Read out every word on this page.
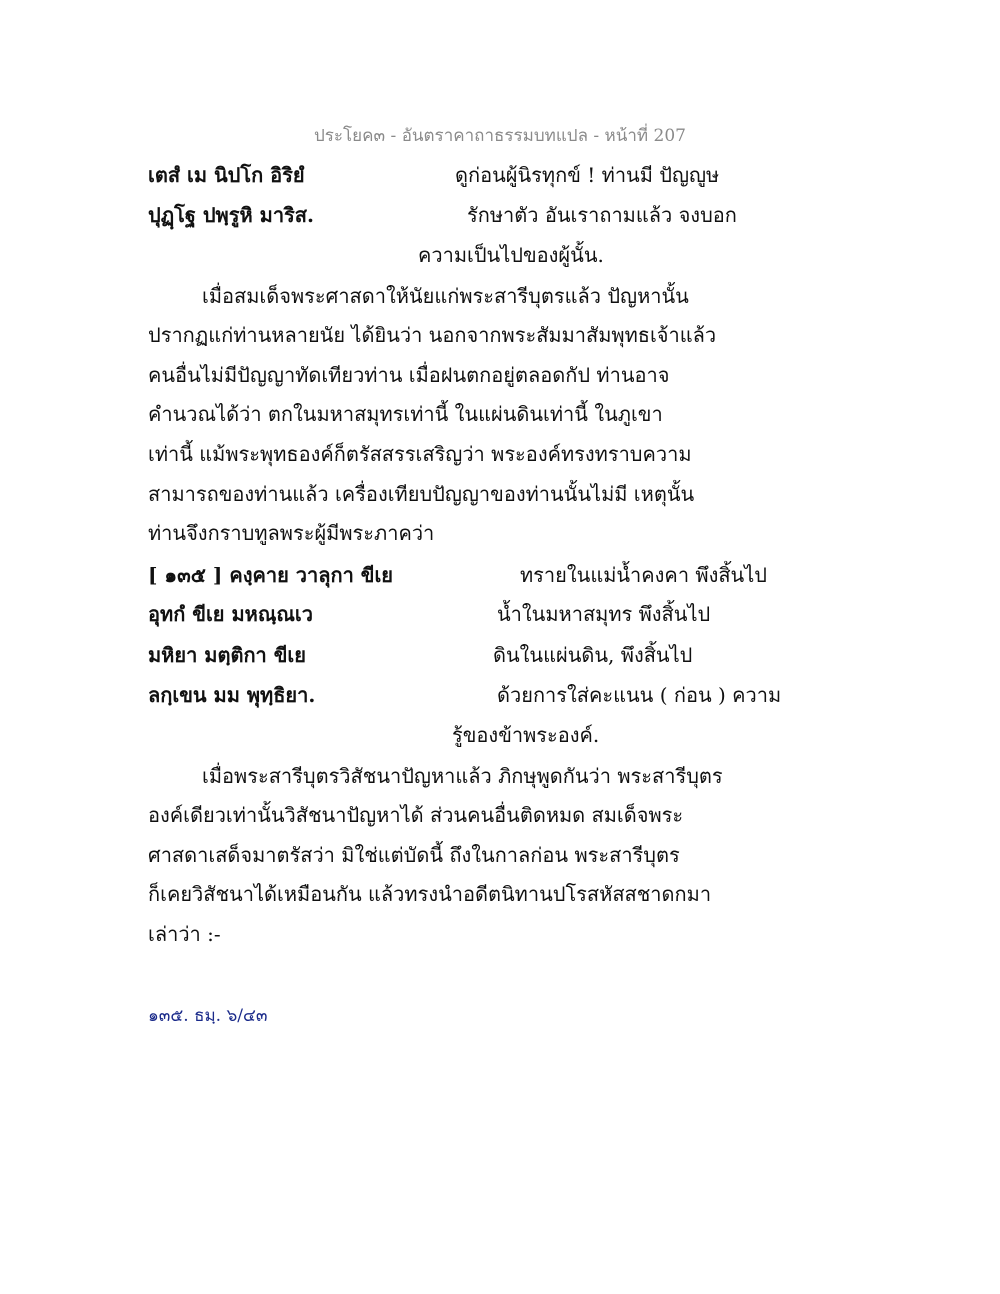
ประโยค๓ - อันตราคาถาธรรมบทแปล - หน้าที่ 207
เตสํ เม นิปโก อิริยํ	ดูก่อนผู้นิรทุกข์ ! ท่านมี ปัญญูษ
ปุฏฺโฐ ปพฺรูหิ มาริส.	รักษาตัว อันเราถามแล้ว จงบอก
ความเป็นไปของผู้นั้น.
เมื่อสมเด็จพระศาสดาให้นัยแก่พระสารีบุตรแล้ว ปัญหานั้น
ปรากฏแก่ท่านหลายนัย ได้ยินว่า นอกจากพระสัมมาสัมพุทธเจ้าแล้ว
คนอื่นไม่มีปัญญาทัดเทียวท่าน เมื่อฝนตกอยู่ตลอดกัป ท่านอาจ
คำนวณได้ว่า ตกในมหาสมุทรเท่านี้ ในแผ่นดินเท่านี้ ในภูเขา
เท่านี้ แม้พระพุทธองค์ก็ตรัสสรรเสริญว่า พระองค์ทรงทราบความ
สามารถของท่านแล้ว เครื่องเทียบปัญญาของท่านนั้นไม่มี เหตุนั้น
ท่านจึงกราบทูลพระผู้มีพระภาคว่า
[ ๑๓๕ ] คงฺคาย วาลุกา ขีเย	ทรายในแม่น้ำคงคา พึงสิ้นไป
อุทกํ ขีเย มหณฺณเว	น้ำในมหาสมุทร พึงสิ้นไป
มหิยา มตฺติกา ขีเย	ดินในแผ่นดิน, พึงสิ้นไป
ลกฺเขน มม พุทฺธิยา.	ด้วยการใส่คะแนน ( ก่อน ) ความ
รู้ของข้าพระองค์.
เมื่อพระสารีบุตรวิสัชนาปัญหาแล้ว ภิกษุพูดกันว่า พระสารีบุตร
องค์เดียวเท่านั้นวิสัชนาปัญหาได้ ส่วนคนอื่นติดหมด สมเด็จพระ
ศาสดาเสด็จมาตรัสว่า มิใช่แต่บัดนี้ ถึงในกาลก่อน พระสารีบุตร
ก็เคยวิสัชนาได้เหมือนกัน แล้วทรงนำอดีตนิทานปโรสหัสสชาดกมา
เล่าว่า :-
๑๓๕. ธมฺ. ๖/๔๓
